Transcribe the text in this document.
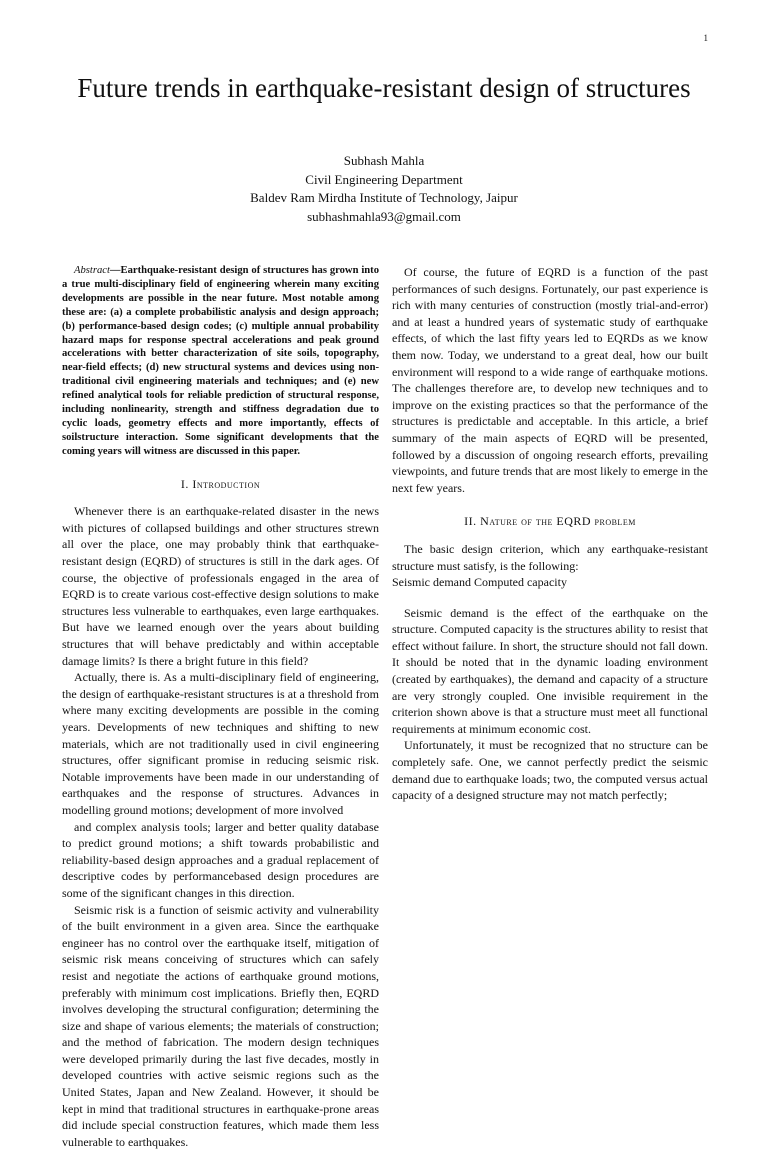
1
Future trends in earthquake-resistant design of structures
Subhash Mahla
Civil Engineering Department
Baldev Ram Mirdha Institute of Technology, Jaipur
subhashmahla93@gmail.com
Abstract—Earthquake-resistant design of structures has grown into a true multi-disciplinary field of engineering wherein many exciting developments are possible in the near future. Most notable among these are: (a) a complete probabilistic analysis and design approach; (b) performance-based design codes; (c) multiple annual probability hazard maps for response spectral accelerations and peak ground accelerations with better characterization of site soils, topography, near-field effects; (d) new structural systems and devices using non-traditional civil engineering materials and techniques; and (e) new refined analytical tools for reliable prediction of structural response, including nonlinearity, strength and stiffness degradation due to cyclic loads, geometry effects and more importantly, effects of soilstructure interaction. Some significant developments that the coming years will witness are discussed in this paper.
I. Introduction

Whenever there is an earthquake-related disaster in the news with pictures of collapsed buildings and other structures strewn all over the place, one may probably think that earthquake-resistant design (EQRD) of structures is still in the dark ages. Of course, the objective of professionals engaged in the area of EQRD is to create various cost-effective design solutions to make structures less vulnerable to earthquakes, even large earthquakes. But have we learned enough over the years about building structures that will behave predictably and within acceptable damage limits? Is there a bright future in this field?

Actually, there is. As a multi-disciplinary field of engineering, the design of earthquake-resistant structures is at a threshold from where many exciting developments are possible in the coming years. Developments of new techniques and shifting to new materials, which are not traditionally used in civil engineering structures, offer significant promise in reducing seismic risk. Notable improvements have been made in our understanding of earthquakes and the response of structures. Advances in modelling ground motions; development of more involved

and complex analysis tools; larger and better quality database to predict ground motions; a shift towards probabilistic and reliability-based design approaches and a gradual replacement of descriptive codes by performancebased design procedures are some of the significant changes in this direction.

Seismic risk is a function of seismic activity and vulnerability of the built environment in a given area. Since the earthquake engineer has no control over the earthquake itself, mitigation of seismic risk means conceiving of structures which can safely resist and negotiate the actions of earthquake ground motions, preferably with minimum cost implications. Briefly then, EQRD involves developing the structural configuration; determining the size and shape of various elements; the materials of construction; and the method of fabrication. The modern design techniques were developed primarily during the last five decades, mostly in developed countries with active seismic regions such as the United States, Japan and New Zealand. However, it should be kept in mind that traditional structures in earthquake-prone areas did include special construction features, which made them less vulnerable to earthquakes.

Of course, the future of EQRD is a function of the past performances of such designs. Fortunately, our past experience is rich with many centuries of construction (mostly trial-and-error) and at least a hundred years of systematic study of earthquake effects, of which the last fifty years led to EQRDs as we know them now. Today, we understand to a great deal, how our built environment will respond to a wide range of earthquake motions. The challenges therefore are, to develop new techniques and to improve on the existing practices so that the performance of the structures is predictable and acceptable. In this article, a brief summary of the main aspects of EQRD will be presented, followed by a discussion of ongoing research efforts, prevailing viewpoints, and future trends that are most likely to emerge in the next few years.

II. Nature of the EQRD problem

The basic design criterion, which any earthquake-resistant structure must satisfy, is the following:

Seismic demand Computed capacity

Seismic demand is the effect of the earthquake on the structure. Computed capacity is the structures ability to resist that effect without failure. In short, the structure should not fall down. It should be noted that in the dynamic loading environment (created by earthquakes), the demand and capacity of a structure are very strongly coupled. One invisible requirement in the criterion shown above is that a structure must meet all functional requirements at minimum economic cost.

Unfortunately, it must be recognized that no structure can be completely safe. One, we cannot perfectly predict the seismic demand due to earthquake loads; two, the computed versus actual capacity of a designed structure may not match perfectly;
